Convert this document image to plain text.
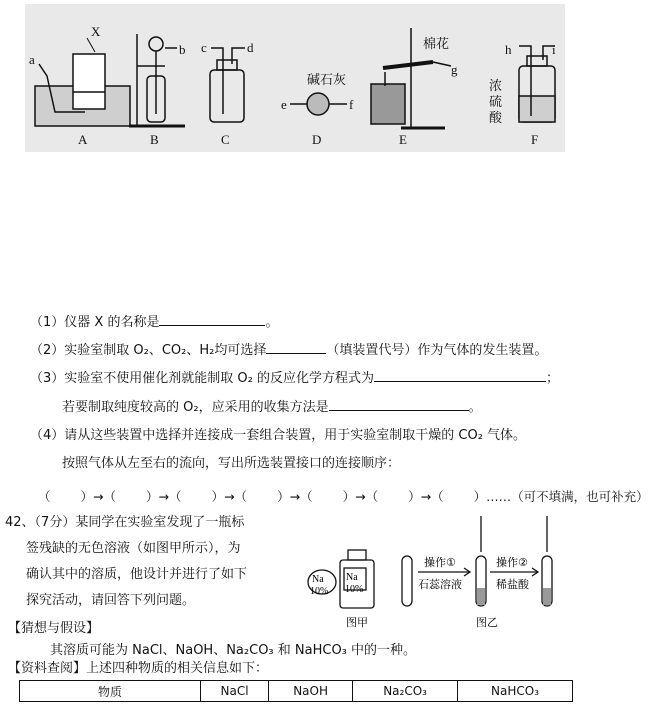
X
a
A
b
B
c	d
C
碱石灰
e	f
D
棉花
g
E
h	i
浓
硫
酸
F
（1）仪器 X 的名称是	。
（2）实验室制取 O₂、CO₂、H₂均可选择	（填装置代号）作为气体的发生装置。
（3）实验室不使用催化剂就能制取 O₂ 的反应化学方程式为	；
若要制取纯度较高的 O₂，应采用的收集方法是	。
（4）请从这些装置中选择并连接成一套组合装置，用于实验室制取干燥的 CO₂ 气体。
按照气体从左至右的流向，写出所选装置接口的连接顺序：
（ ）→（ ）→（ ）→（ ）→（ ）→（ ）→（ ）……（可不填满，也可补充）
42、（7分）某同学在实验室发现了一瓶标
签残缺的无色溶液（如图甲所示），为
确认其中的溶质，他设计并进行了如下
探究活动，请回答下列问题。
Na
10%
Na
10%
图甲
操作①
石蕊溶液
操作②
稀盐酸
图乙
【猜想与假设】
其溶质可能为 NaCl、NaOH、Na₂CO₃ 和 NaHCO₃ 中的一种。
【资料查阅】上述四种物质的相关信息如下：
物质	NaCl	NaOH	Na₂CO₃	NaHCO₃
